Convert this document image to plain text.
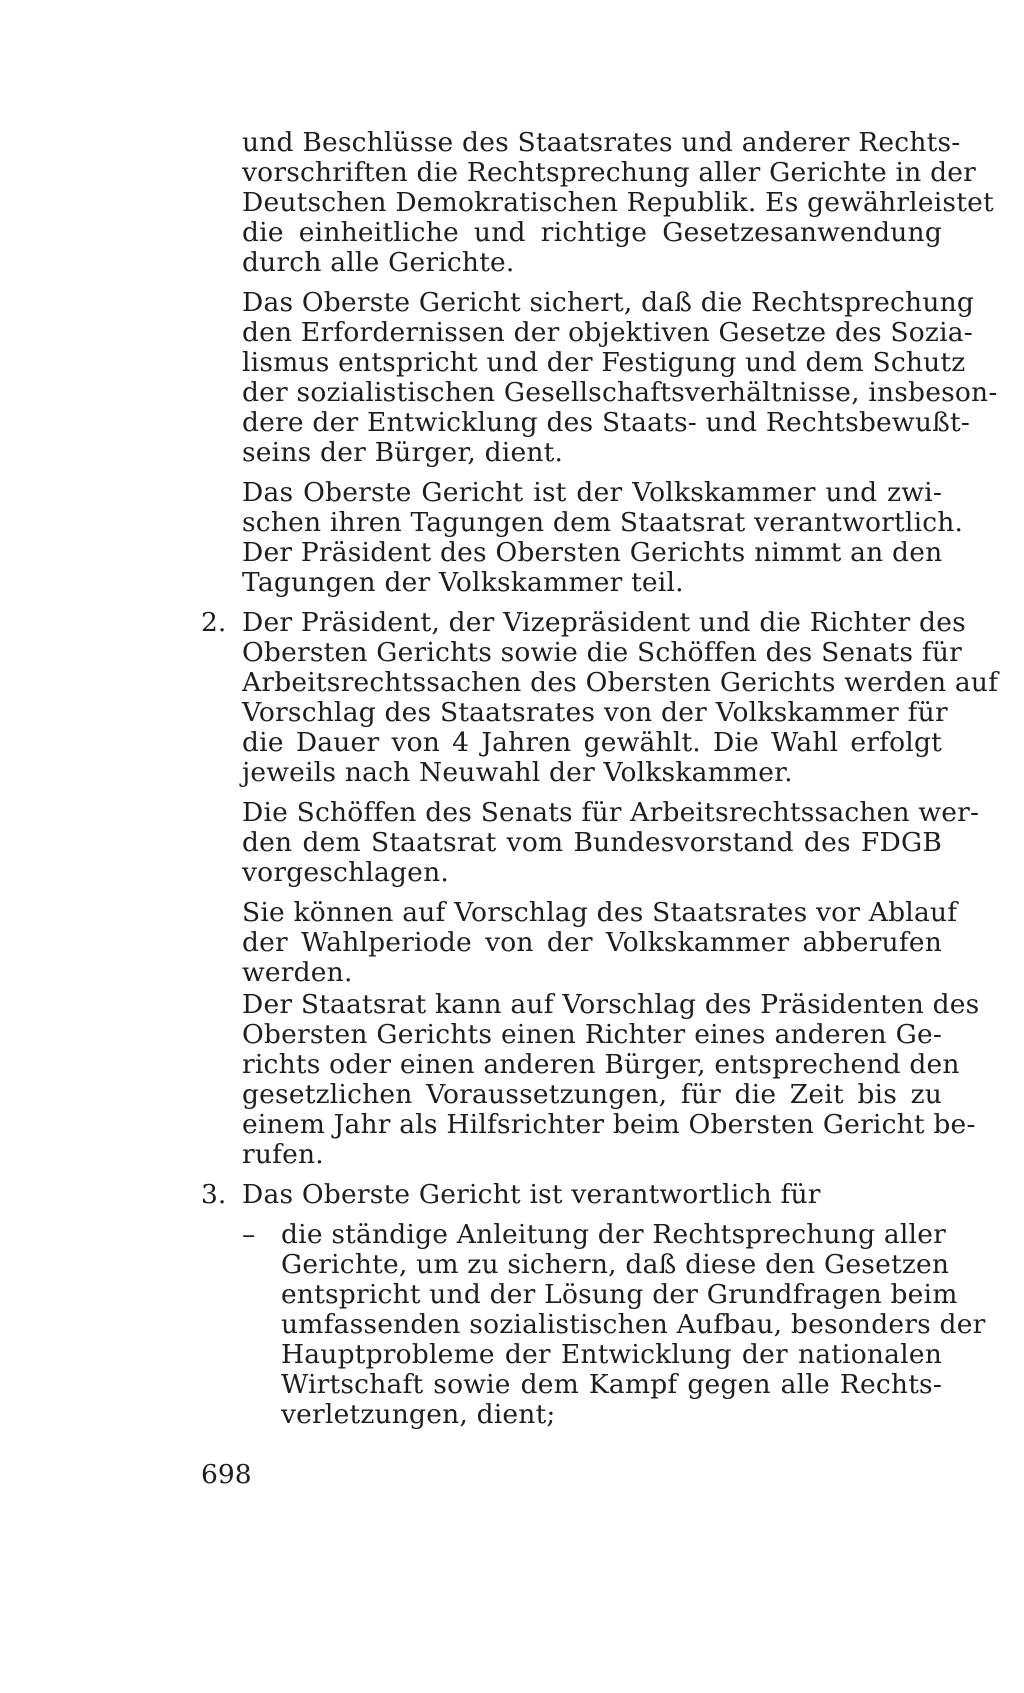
und Beschlüsse des Staatsrates und anderer Rechts-
vorschriften die Rechtsprechung aller Gerichte in der
Deutschen Demokratischen Republik. Es gewährleistet
die einheitliche und richtige Gesetzesanwendung
durch alle Gerichte.
Das Oberste Gericht sichert, daß die Rechtsprechung
den Erfordernissen der objektiven Gesetze des Sozia-
lismus entspricht und der Festigung und dem Schutz
der sozialistischen Gesellschaftsverhältnisse, insbeson-
dere der Entwicklung des Staats- und Rechtsbewußt-
seins der Bürger, dient.
Das Oberste Gericht ist der Volkskammer und zwi-
schen ihren Tagungen dem Staatsrat verantwortlich.
Der Präsident des Obersten Gerichts nimmt an den
Tagungen der Volkskammer teil.
2. Der Präsident, der Vizepräsident und die Richter des
Obersten Gerichts sowie die Schöffen des Senats für
Arbeitsrechtssachen des Obersten Gerichts werden auf
Vorschlag des Staatsrates von der Volkskammer für
die Dauer von 4 Jahren gewählt. Die Wahl erfolgt
jeweils nach Neuwahl der Volkskammer.
Die Schöffen des Senats für Arbeitsrechtssachen wer-
den dem Staatsrat vom Bundesvorstand des FDGB
vorgeschlagen.
Sie können auf Vorschlag des Staatsrates vor Ablauf
der Wahlperiode von der Volkskammer abberufen
werden.
Der Staatsrat kann auf Vorschlag des Präsidenten des
Obersten Gerichts einen Richter eines anderen Ge-
richts oder einen anderen Bürger, entsprechend den
gesetzlichen Voraussetzungen, für die Zeit bis zu
einem Jahr als Hilfsrichter beim Obersten Gericht be-
rufen.
3. Das Oberste Gericht ist verantwortlich für
– die ständige Anleitung der Rechtsprechung aller
Gerichte, um zu sichern, daß diese den Gesetzen
entspricht und der Lösung der Grundfragen beim
umfassenden sozialistischen Aufbau, besonders der
Hauptprobleme der Entwicklung der nationalen
Wirtschaft sowie dem Kampf gegen alle Rechts-
verletzungen, dient;
698
